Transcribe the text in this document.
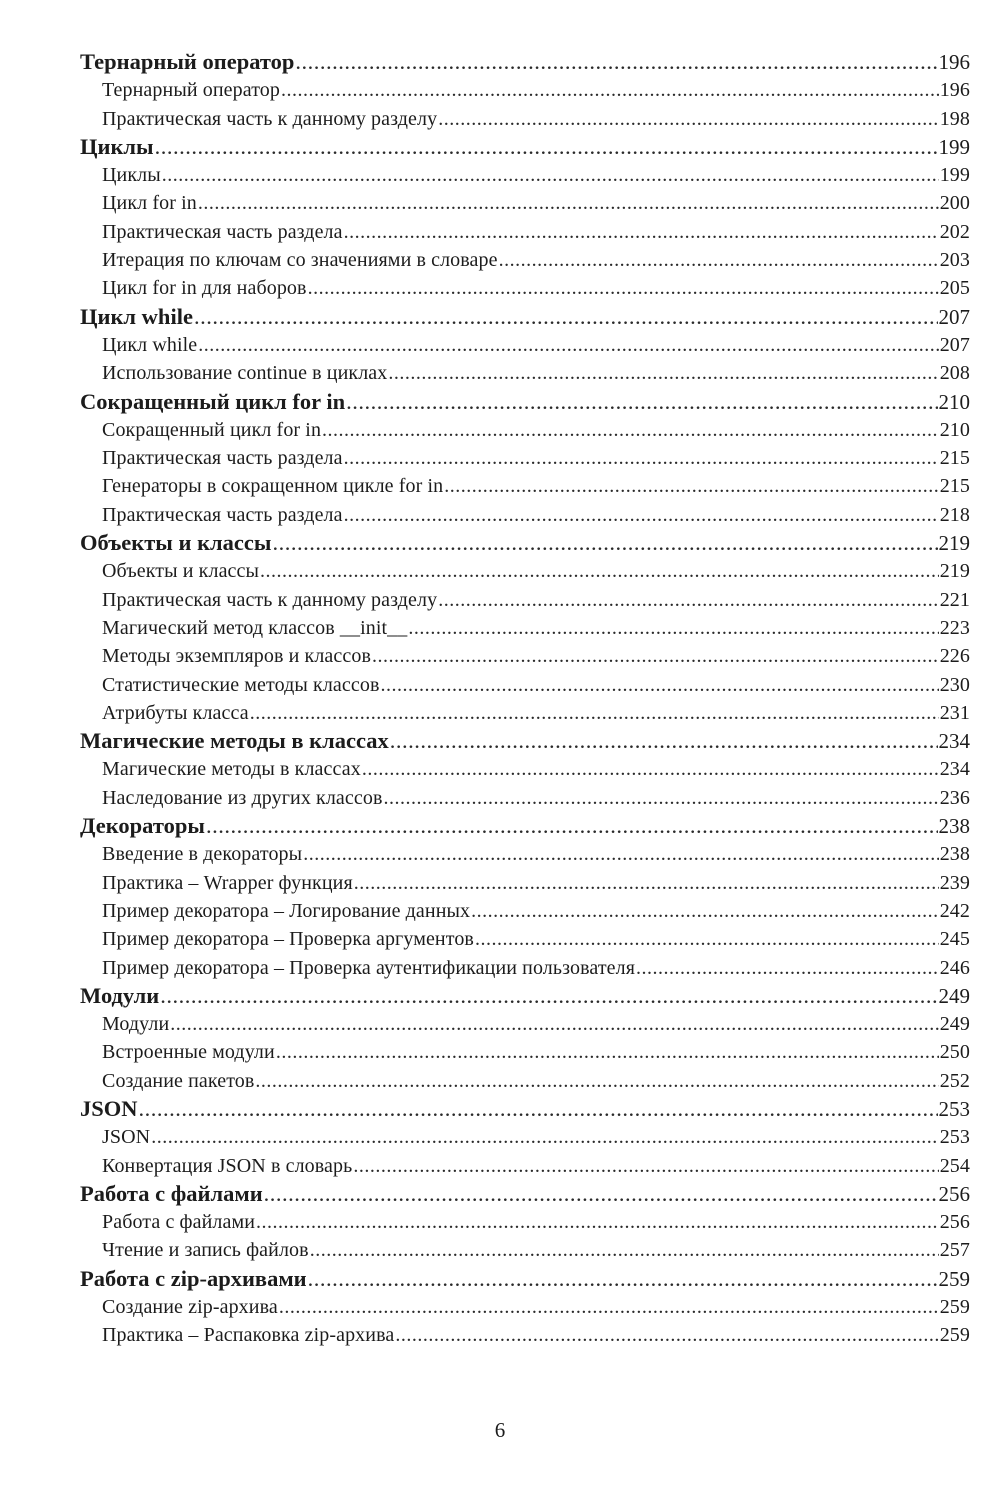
Тернарный оператор .....	196
Тернарный оператор .....	196
Практическая часть к данному разделу .....	198
Циклы .....	199
Циклы .....	199
Цикл for in .....	200
Практическая часть раздела .....	202
Итерация по ключам со значениями в словаре .....	203
Цикл for in для наборов .....	205
Цикл while .....	207
Цикл while .....	207
Использование continue в циклах .....	208
Сокращенный цикл for in .....	210
Сокращенный цикл for in .....	210
Практическая часть раздела .....	215
Генераторы в сокращенном цикле for in .....	215
Практическая часть раздела .....	218
Объекты и классы .....	219
Объекты и классы .....	219
Практическая часть к данному разделу .....	221
Магический метод классов __init__ .....	223
Методы экземпляров и классов .....	226
Статистические методы классов .....	230
Атрибуты класса .....	231
Магические методы в классах .....	234
Магические методы в классах .....	234
Наследование из других классов .....	236
Декораторы .....	238
Введение в декораторы .....	238
Практика – Wrapper функция .....	239
Пример декоратора – Логирование данных .....	242
Пример декоратора – Проверка аргументов .....	245
Пример декоратора – Проверка аутентификации пользователя .....	246
Модули .....	249
Модули .....	249
Встроенные модули .....	250
Создание пакетов .....	252
JSON .....	253
JSON .....	253
Конвертация JSON в словарь .....	254
Работа с файлами .....	256
Работа с файлами .....	256
Чтение и запись файлов .....	257
Работа с zip-архивами .....	259
Создание zip-архива .....	259
Практика – Распаковка zip-архива .....	259
6
